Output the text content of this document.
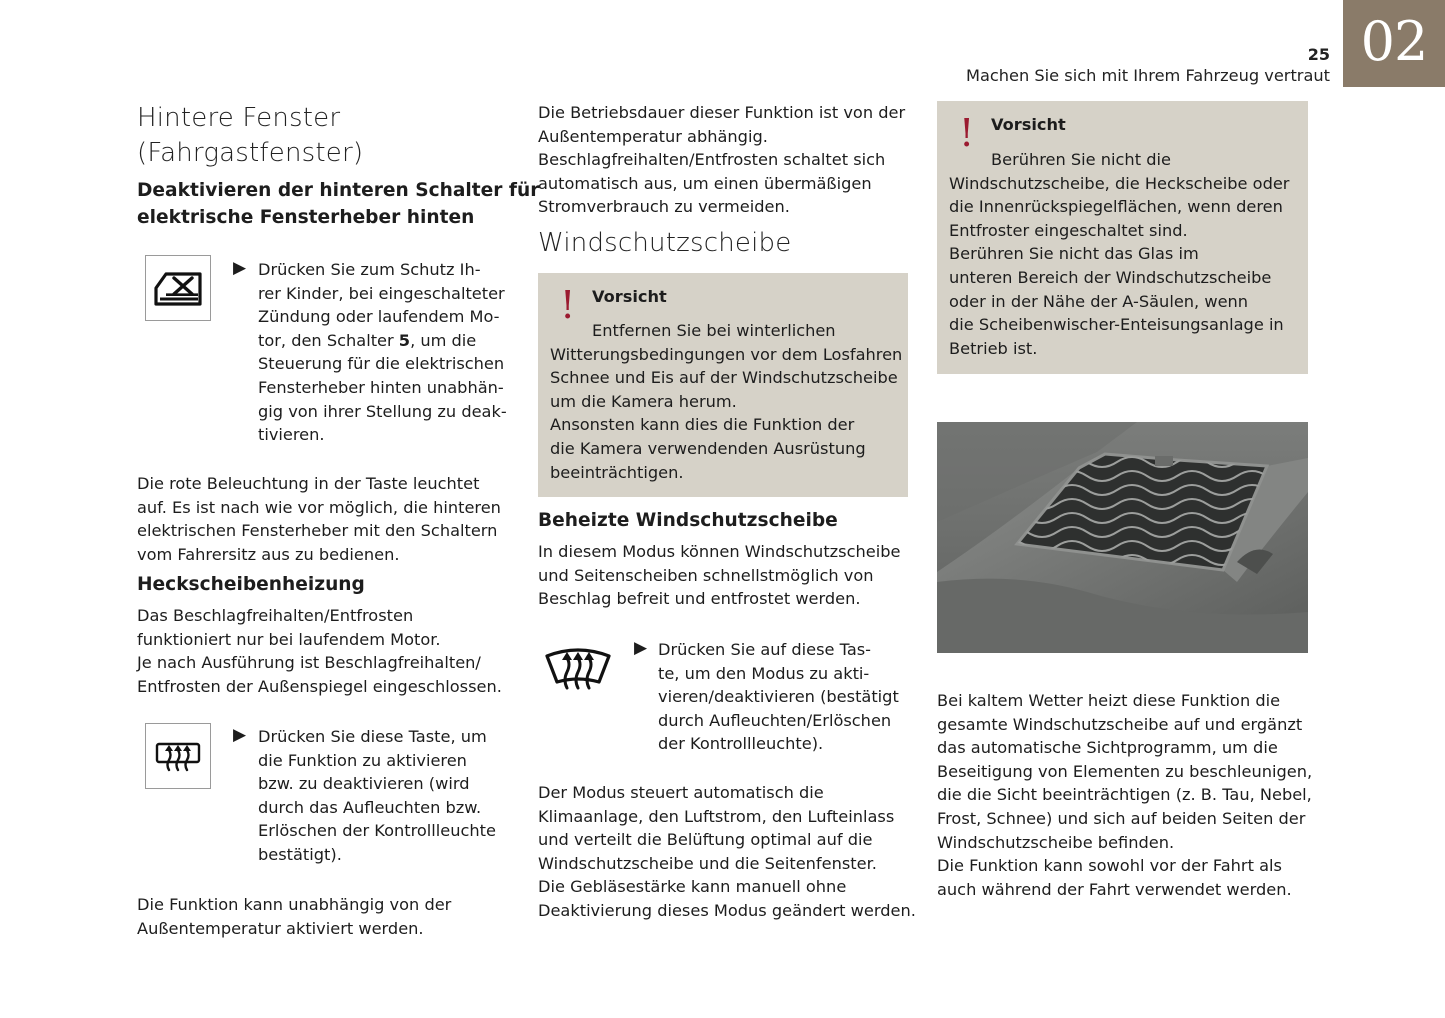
02
25
Machen Sie sich mit Ihrem Fahrzeug vertraut
Hintere Fenster
(Fahrgastfenster)
Deaktivieren der hinteren Schalter für
elektrische Fensterheber hinten
▶ Drücken Sie zum Schutz Ih-
rer Kinder, bei eingeschalteter
Zündung oder laufendem Mo-
tor, den Schalter 5, um die
Steuerung für die elektrischen
Fensterheber hinten unabhän-
gig von ihrer Stellung zu deak-
tivieren.
Die rote Beleuchtung in der Taste leuchtet
auf. Es ist nach wie vor möglich, die hinteren
elektrischen Fensterheber mit den Schaltern
vom Fahrersitz aus zu bedienen.
Heckscheibenheizung
Das Beschlagfreihalten/Entfrosten
funktioniert nur bei laufendem Motor.
Je nach Ausführung ist Beschlagfreihalten/
Entfrosten der Außenspiegel eingeschlossen.
▶ Drücken Sie diese Taste, um
die Funktion zu aktivieren
bzw. zu deaktivieren (wird
durch das Aufleuchten bzw.
Erlöschen der Kontrollleuchte
bestätigt).
Die Funktion kann unabhängig von der
Außentemperatur aktiviert werden.
Die Betriebsdauer dieser Funktion ist von der
Außentemperatur abhängig.
Beschlagfreihalten/Entfrosten schaltet sich
automatisch aus, um einen übermäßigen
Stromverbrauch zu vermeiden.
Windschutzscheibe
! Vorsicht
Entfernen Sie bei winterlichen
Witterungsbedingungen vor dem Losfahren
Schnee und Eis auf der Windschutzscheibe
um die Kamera herum.
Ansonsten kann dies die Funktion der
die Kamera verwendenden Ausrüstung
beeinträchtigen.
Beheizte Windschutzscheibe
In diesem Modus können Windschutzscheibe
und Seitenscheiben schnellstmöglich von
Beschlag befreit und entfrostet werden.
▶ Drücken Sie auf diese Tas-
te, um den Modus zu akti-
vieren/deaktivieren (bestätigt
durch Aufleuchten/Erlöschen
der Kontrollleuchte).
Der Modus steuert automatisch die
Klimaanlage, den Luftstrom, den Lufteinlass
und verteilt die Belüftung optimal auf die
Windschutzscheibe und die Seitenfenster.
Die Gebläsestärke kann manuell ohne
Deaktivierung dieses Modus geändert werden.
! Vorsicht
Berühren Sie nicht die
Windschutzscheibe, die Heckscheibe oder
die Innenrückspiegelflächen, wenn deren
Entfroster eingeschaltet sind.
Berühren Sie nicht das Glas im
unteren Bereich der Windschutzscheibe
oder in der Nähe der A-Säulen, wenn
die Scheibenwischer-Enteisungsanlage in
Betrieb ist.
Bei kaltem Wetter heizt diese Funktion die
gesamte Windschutzscheibe auf und ergänzt
das automatische Sichtprogramm, um die
Beseitigung von Elementen zu beschleunigen,
die die Sicht beeinträchtigen (z. B. Tau, Nebel,
Frost, Schnee) und sich auf beiden Seiten der
Windschutzscheibe befinden.
Die Funktion kann sowohl vor der Fahrt als
auch während der Fahrt verwendet werden.
